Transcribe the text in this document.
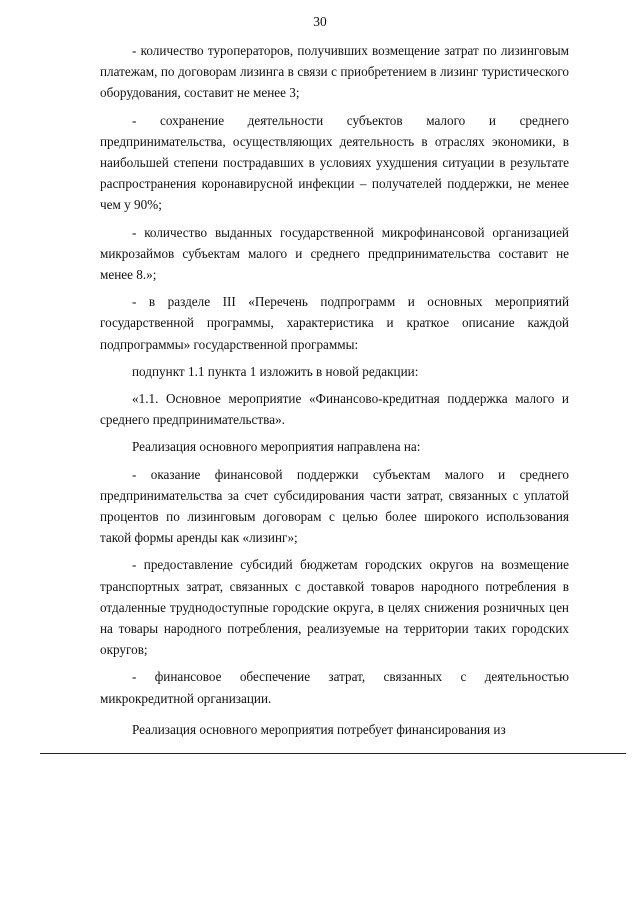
30

- количество туроператоров, получивших возмещение затрат по лизинговым платежам, по договорам лизинга в связи с приобретением в лизинг туристического оборудования, составит не менее 3;

- сохранение деятельности субъектов малого и среднего предпринимательства, осуществляющих деятельность в отраслях экономики, в наибольшей степени пострадавших в условиях ухудшения ситуации в результате распространения коронавирусной инфекции – получателей поддержки, не менее чем у 90%;

- количество выданных государственной микрофинансовой организацией микрозаймов субъектам малого и среднего предпринимательства составит не менее 8.»;

- в разделе III «Перечень подпрограмм и основных мероприятий государственной программы, характеристика и краткое описание каждой подпрограммы» государственной программы:

подпункт 1.1 пункта 1 изложить в новой редакции:

«1.1. Основное мероприятие «Финансово-кредитная поддержка малого и среднего предпринимательства».

Реализация основного мероприятия направлена на:

- оказание финансовой поддержки субъектам малого и среднего предпринимательства за счет субсидирования части затрат, связанных с уплатой процентов по лизинговым договорам с целью более широкого использования такой формы аренды как «лизинг»;

- предоставление субсидий бюджетам городских округов на возмещение транспортных затрат, связанных с доставкой товаров народного потребления в отдаленные труднодоступные городские округа, в целях снижения розничных цен на товары народного потребления, реализуемые на территории таких городских округов;

- финансовое обеспечение затрат, связанных с деятельностью микрокредитной организации.

Реализация основного мероприятия потребует финансирования из
